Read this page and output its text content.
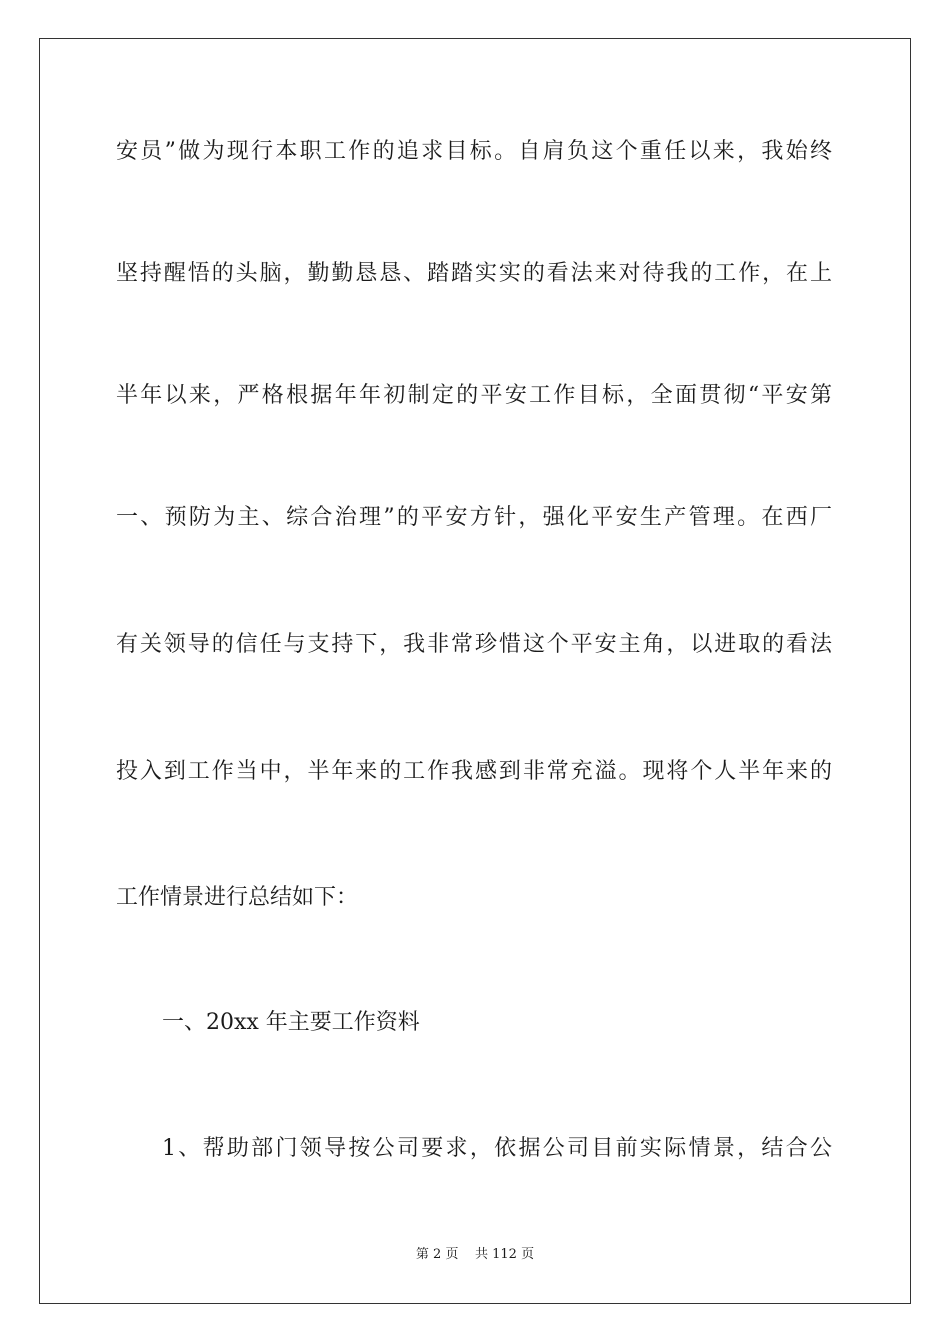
安员”做为现行本职工作的追求目标。自肩负这个重任以来，我始终
坚持醒悟的头脑，勤勤恳恳、踏踏实实的看法来对待我的工作，在上
半年以来，严格根据年年初制定的平安工作目标，全面贯彻“平安第
一、预防为主、综合治理”的平安方针，强化平安生产管理。在西厂
有关领导的信任与支持下，我非常珍惜这个平安主角，以进取的看法
投入到工作当中，半年来的工作我感到非常充溢。现将个人半年来的
工作情景进行总结如下：
一、20xx 年主要工作资料
1、帮助部门领导按公司要求，依据公司目前实际情景，结合公
第 2 页 共 112 页
